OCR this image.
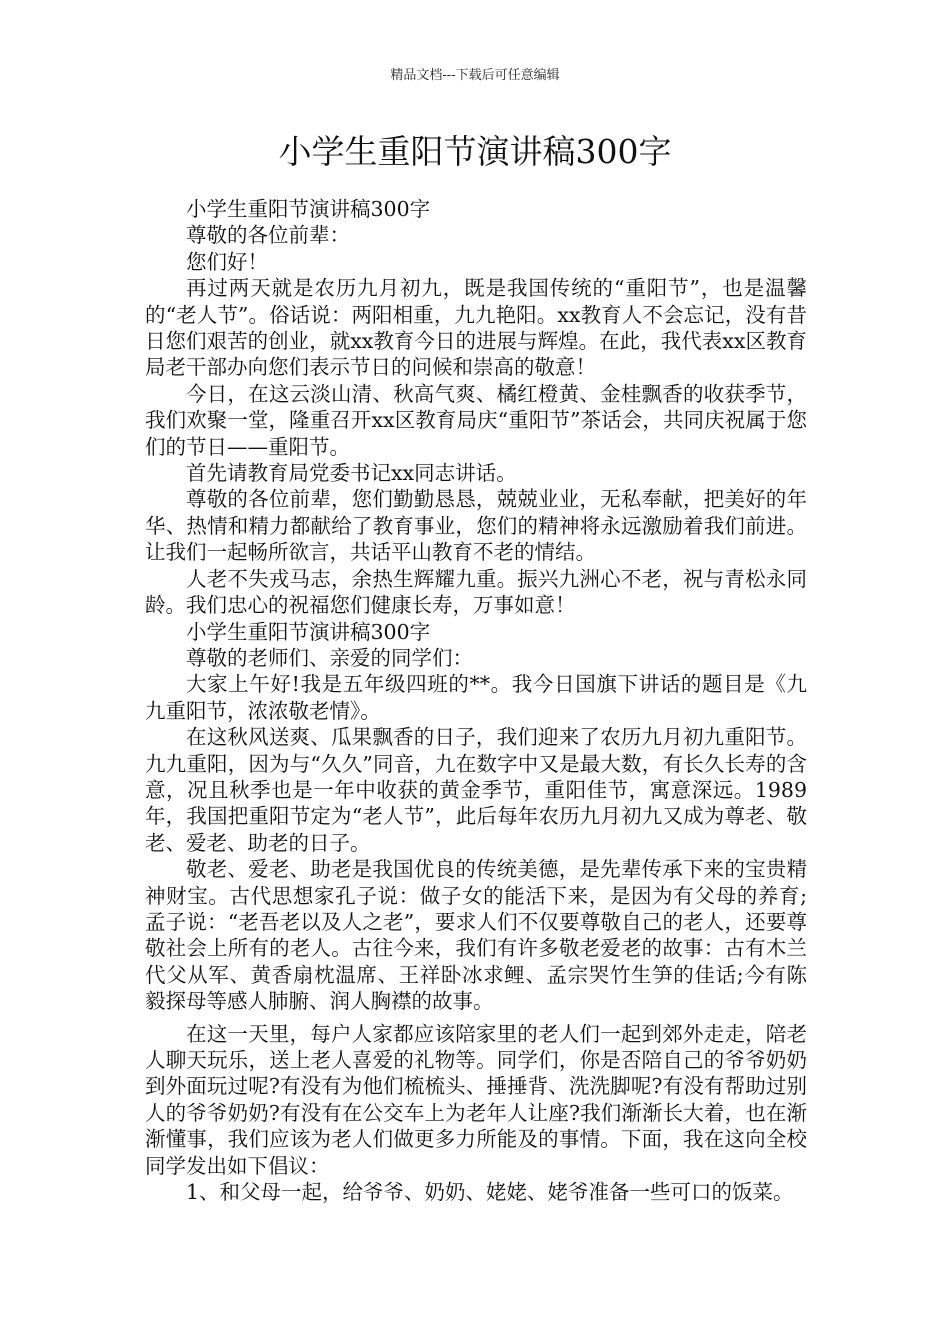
精品文档---下载后可任意编辑
小学生重阳节演讲稿300字

小学生重阳节演讲稿300字

尊敬的各位前辈：

您们好！

再过两天就是农历九月初九，既是我国传统的“重阳节”，也是温馨的“老人节”。俗话说：两阳相重，九九艳阳。xx教育人不会忘记，没有昔日您们艰苦的创业，就xx教育今日的进展与辉煌。在此，我代表xx区教育局老干部办向您们表示节日的问候和崇高的敬意！

今日，在这云淡山清、秋高气爽、橘红橙黄、金桂飘香的收获季节，我们欢聚一堂，隆重召开xx区教育局庆“重阳节”茶话会，共同庆祝属于您们的节日——重阳节。

首先请教育局党委书记xx同志讲话。

尊敬的各位前辈，您们勤勤恳恳，兢兢业业，无私奉献，把美好的年华、热情和精力都献给了教育事业，您们的精神将永远激励着我们前进。让我们一起畅所欲言，共话平山教育不老的情结。

人老不失戎马志，余热生辉耀九重。振兴九洲心不老，祝与青松永同龄。我们忠心的祝福您们健康长寿，万事如意！

小学生重阳节演讲稿300字

尊敬的老师们、亲爱的同学们：

大家上午好!我是五年级四班的**。我今日国旗下讲话的题目是《九九重阳节，浓浓敬老情》。

在这秋风送爽、瓜果飘香的日子，我们迎来了农历九月初九重阳节。九九重阳，因为与“久久”同音，九在数字中又是最大数，有长久长寿的含意，况且秋季也是一年中收获的黄金季节，重阳佳节，寓意深远。1989年，我国把重阳节定为“老人节”，此后每年农历九月初九又成为尊老、敬老、爱老、助老的日子。

敬老、爱老、助老是我国优良的传统美德，是先辈传承下来的宝贵精神财宝。古代思想家孔子说：做子女的能活下来，是因为有父母的养育;孟子说：“老吾老以及人之老”，要求人们不仅要尊敬自己的老人，还要尊敬社会上所有的老人。古往今来，我们有许多敬老爱老的故事：古有木兰代父从军、黄香扇枕温席、王祥卧冰求鲤、孟宗哭竹生笋的佳话;今有陈毅探母等感人肺腑、润人胸襟的故事。

在这一天里，每户人家都应该陪家里的老人们一起到郊外走走，陪老人聊天玩乐，送上老人喜爱的礼物等。同学们，你是否陪自己的爷爷奶奶到外面玩过呢?有没有为他们梳梳头、捶捶背、洗洗脚呢?有没有帮助过别人的爷爷奶奶?有没有在公交车上为老年人让座?我们渐渐长大着，也在渐渐懂事，我们应该为老人们做更多力所能及的事情。下面，我在这向全校同学发出如下倡议：

1、和父母一起，给爷爷、奶奶、姥姥、姥爷准备一些可口的饭菜。
